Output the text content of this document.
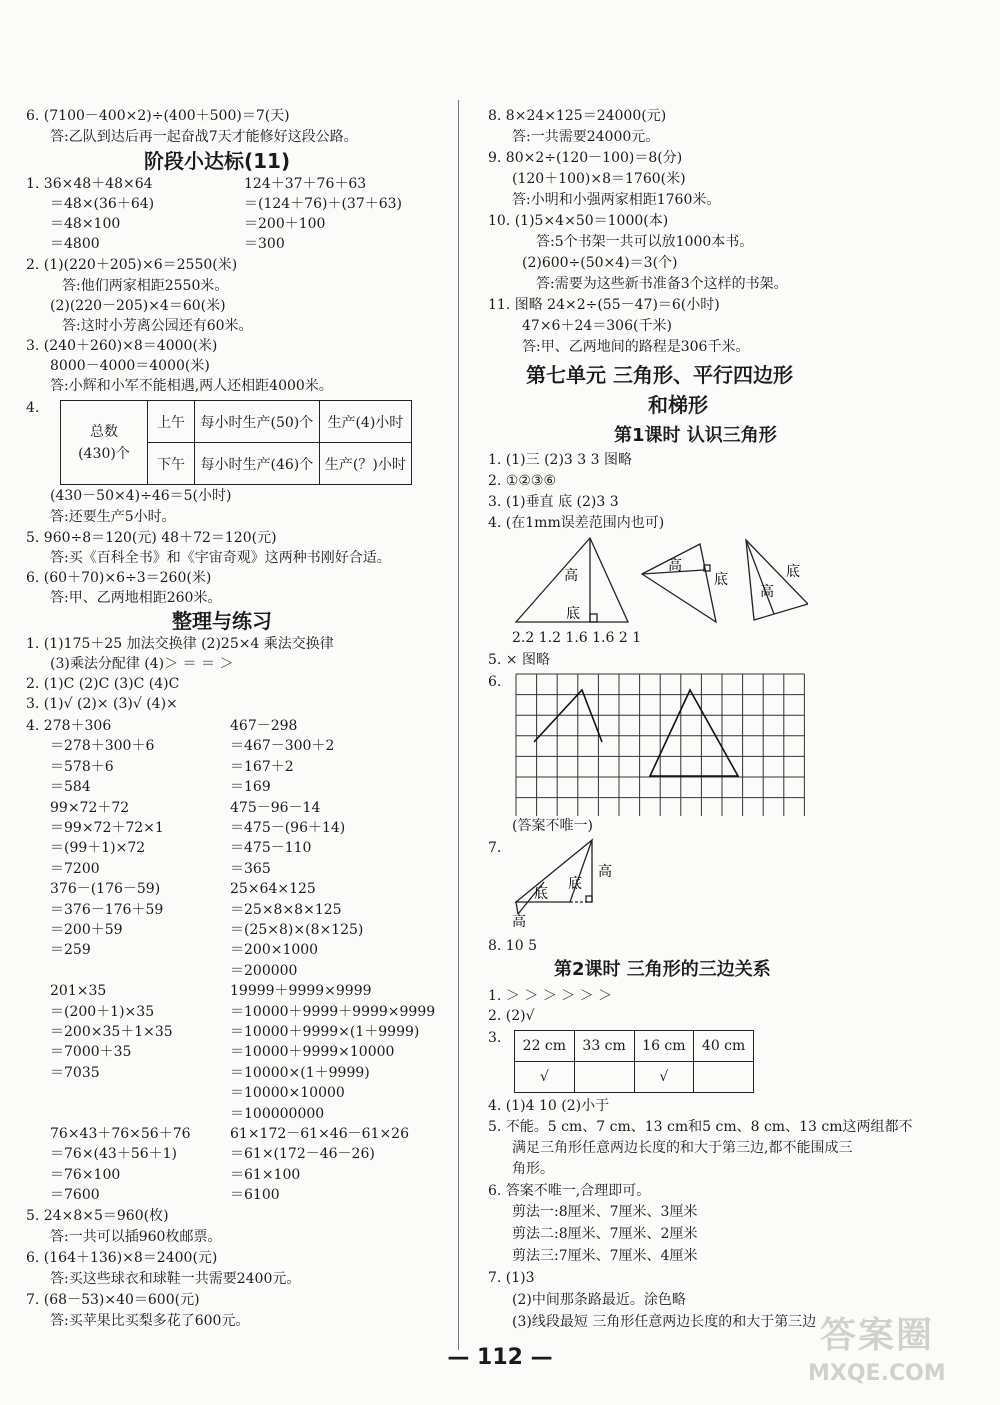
6. (7100－400×2)÷(400＋500)＝7(天)
答:乙队到达后再一起奋战7天才能修好这段公路。
阶段小达标(11)
1. 36×48＋48×64	124＋37＋76＋63
＝48×(36＋64)	＝(124＋76)＋(37＋63)
＝48×100	＝200＋100
＝4800	＝300
2. (1)(220＋205)×6＝2550(米)
答:他们两家相距2550米。
(2)(220－205)×4＝60(米)
答:这时小芳离公园还有60米。
3. (240＋260)×8＝4000(米)
8000－4000＝4000(米)
答:小辉和小军不能相遇,两人还相距4000米。
4.
总数
(430)个	上午	每小时生产(50)个	生产(4)小时
	下午	每小时生产(46)个	生产(？)小时
(430－50×4)÷46＝5(小时)
答:还要生产5小时。
5. 960÷8＝120(元) 48＋72＝120(元)
答:买《百科全书》和《宇宙奇观》这两种书刚好合适。
6. (60＋70)×6÷3＝260(米)
答:甲、乙两地相距260米。
整理与练习
1. (1)175＋25 加法交换律 (2)25×4 乘法交换律
(3)乘法分配律 (4)＞ ＝ ＝ ＞
2. (1)C (2)C (3)C (4)C
3. (1)√ (2)× (3)√ (4)×
4. 278＋306
＝278＋300＋6
＝578＋6
＝584
99×72＋72
＝99×72＋72×1
＝(99＋1)×72
＝7200
376－(176－59)
＝376－176＋59
＝200＋59
＝259
201×35
＝(200＋1)×35
＝200×35＋1×35
＝7000＋35
＝7035
76×43＋76×56＋76
＝76×(43＋56＋1)
＝76×100
＝7600
467－298
＝467－300＋2
＝167＋2
＝169
475－96－14
＝475－(96＋14)
＝475－110
＝365
25×64×125
＝25×8×8×125
＝(25×8)×(8×125)
＝200×1000
＝200000
19999＋9999×9999
＝10000＋9999＋9999×9999
＝10000＋9999×(1＋9999)
＝10000＋9999×10000
＝10000×(1＋9999)
＝10000×10000
＝100000000
61×172－61×46－61×26
＝61×(172－46－26)
＝61×100
＝6100
5. 24×8×5＝960(枚)
答:一共可以插960枚邮票。
6. (164＋136)×8＝2400(元)
答:买这些球衣和球鞋一共需要2400元。
7. (68－53)×40＝600(元)
答:买苹果比买梨多花了600元。
8. 8×24×125＝24000(元)
答:一共需要24000元。
9. 80×2÷(120－100)＝8(分)
(120＋100)×8＝1760(米)
答:小明和小强两家相距1760米。
10. (1)5×4×50＝1000(本)
答:5个书架一共可以放1000本书。
(2)600÷(50×4)＝3(个)
答:需要为这些新书准备3个这样的书架。
11. 图略 24×2÷(55－47)＝6(小时)
47×6＋24＝306(千米)
答:甲、乙两地间的路程是306千米。
第七单元 三角形、平行四边形
和梯形
第1课时 认识三角形
1. (1)三 (2)3 3 3 图略
2. ①②③⑥
3. (1)垂直 底 (2)3 3
4. (在1mm误差范围内也可)
高
底
高
底
高
底
2.2 1.2 1.6 1.6 2 1
5. × 图略
6.
(答案不唯一)
7.
高
底
底
高
8. 10 5
第2课时 三角形的三边关系
1. ＞ ＞ ＞ ＞ ＞ ＞
2. (2)√
3. 22 cm	33 cm	16 cm	40 cm
√		√	
4. (1)4 10 (2)小于
5. 不能。5 cm、7 cm、13 cm和5 cm、8 cm、13 cm这两组都不
满足三角形任意两边长度的和大于第三边,都不能围成三
角形。
6. 答案不唯一,合理即可。
剪法一:8厘米、7厘米、3厘米
剪法二:8厘米、7厘米、2厘米
剪法三:7厘米、7厘米、4厘米
7. (1)3
(2)中间那条路最近。涂色略
(3)线段最短 三角形任意两边长度的和大于第三边
— 112 —
答案圈
MXQE.COM
